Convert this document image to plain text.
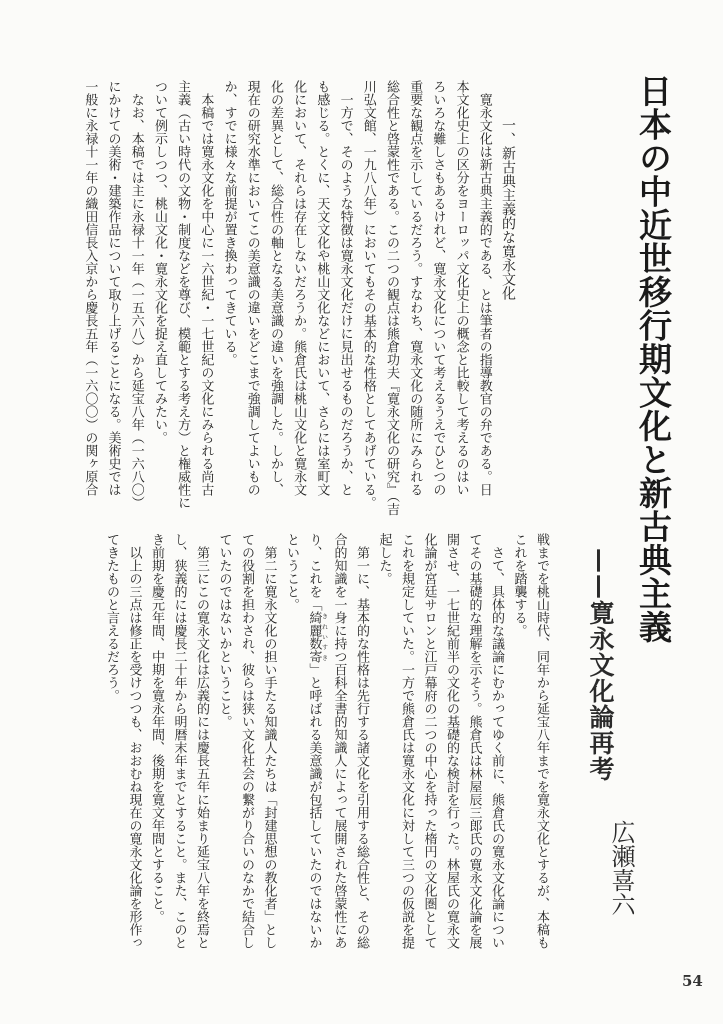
日本の中近世移行期文化と新古典主義
——寛永文化論再考
広瀬喜六
一、新古典主義的な寛永文化
　寛永文化は新古典主義的である、とは筆者の指導教官の弁である。日
本文化史上の区分をヨーロッパ文化史上の概念と比較して考えるのはい
ろいろな難しさもあるけれど、寛永文化について考えるうえでひとつの
重要な観点を示しているだろう。すなわち、寛永文化の随所にみられる
総合性と啓蒙性である。この二つの観点は熊倉功夫『寛永文化の研究』（吉
川弘文館、一九八八年）においてもその基本的な性格としてあげている。
　一方で、そのような特徴は寛永文化だけに見出せるものだろうか、と
も感じる。とくに、天文文化や桃山文化などにおいて、さらには室町文
化において、それらは存在しないだろうか。熊倉氏は桃山文化と寛永文
化の差異として、総合性の軸となる美意識の違いを強調した。しかし、
現在の研究水準においてこの美意識の違いをどこまで強調してよいもの
か、すでに様々な前提が置き換わってきている。
　本稿では寛永文化を中心に一六世紀・一七世紀の文化にみられる尚古
主義（古い時代の文物・制度などを尊び、模範とする考え方）と権威性に
ついて例示しつつ、桃山文化・寛永文化を捉え直してみたい。
　なお、本稿では主に永禄十一年（一五六八）から延宝八年（一六八〇）
にかけての美術・建築作品について取り上げることになる。美術史では
一般に永禄十一年の織田信長入京から慶長五年（一六〇〇）の関ヶ原合
戦までを桃山時代、同年から延宝八年までを寛永文化とするが、本稿も
これを踏襲する。
　さて、具体的な議論にむかってゆく前に、熊倉氏の寛永文化論につい
てその基礎的な理解を示そう。熊倉氏は林屋辰三郎氏の寛永文化論を展
開させ、一七世紀前半の文化の基礎的な検討を行った。林屋氏の寛永文
化論が宮廷サロンと江戸幕府の二つの中心を持った楕円の文化圏として
これを規定していた。一方で熊倉氏は寛永文化に対して三つの仮説を提
起した。
　第一に、基本的な性格は先行する諸文化を引用する総合性と、その総
合的知識を一身に持つ百科全書的知識人によって展開された啓蒙性にあ
り、これを「綺麗数寄 きれいすき」と呼ばれる美意識が包括していたのではないか
ということ。
　第二に寛永文化の担い手たる知識人たちは「封建思想の教化者」とし
ての役割を担わされ、彼らは狭い文化社会の繋がり合いのなかで結合し
ていたのではないかということ。
　第三にこの寛永文化は広義的には慶長五年に始まり延宝八年を終焉と
し、狭義的には慶長二十年から明暦末年までとすること。また、このと
き前期を慶元年間、中期を寛永年間、後期を寛文年間とすること。
　以上の三点は修正を受けつつも、おおむね現在の寛永文化論を形作っ
てきたものと言えるだろう。
54
